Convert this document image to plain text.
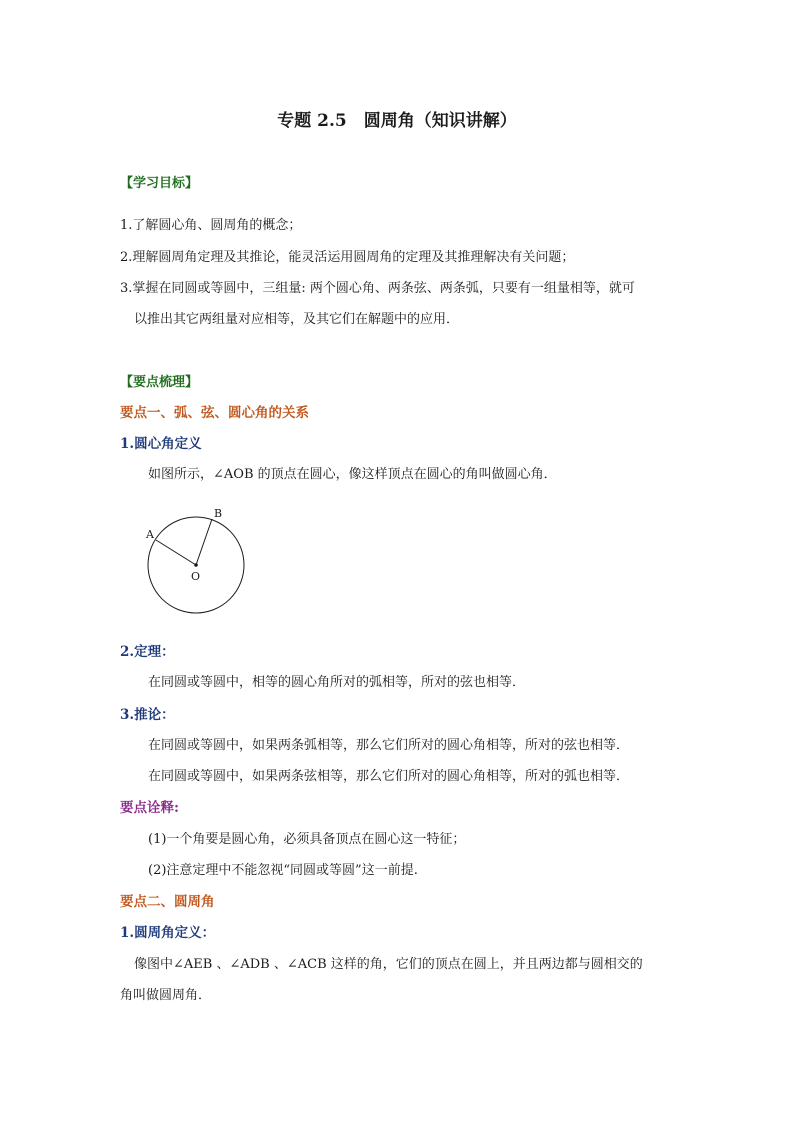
专题 2.5　圆周角（知识讲解）
【学习目标】
1.了解圆心角、圆周角的概念；
2.理解圆周角定理及其推论，能灵活运用圆周角的定理及其推理解决有关问题；
3.掌握在同圆或等圆中，三组量: 两个圆心角、两条弦、两条弧，只要有一组量相等，就可
以推出其它两组量对应相等，及其它们在解题中的应用．
【要点梳理】
要点一、弧、弦、圆心角的关系
1.圆心角定义
如图所示，∠AOB 的顶点在圆心，像这样顶点在圆心的角叫做圆心角．
A
B
O
2.定理：
在同圆或等圆中，相等的圆心角所对的弧相等，所对的弦也相等．
3.推论：
在同圆或等圆中，如果两条弧相等，那么它们所对的圆心角相等，所对的弦也相等．
在同圆或等圆中，如果两条弦相等，那么它们所对的圆心角相等，所对的弧也相等．
要点诠释:
(1)一个角要是圆心角，必须具备顶点在圆心这一特征；
(2)注意定理中不能忽视“同圆或等圆”这一前提.
要点二、圆周角
1.圆周角定义：
像图中∠AEB 、∠ADB 、∠ACB 这样的角，它们的顶点在圆上，并且两边都与圆相交的
角叫做圆周角．
